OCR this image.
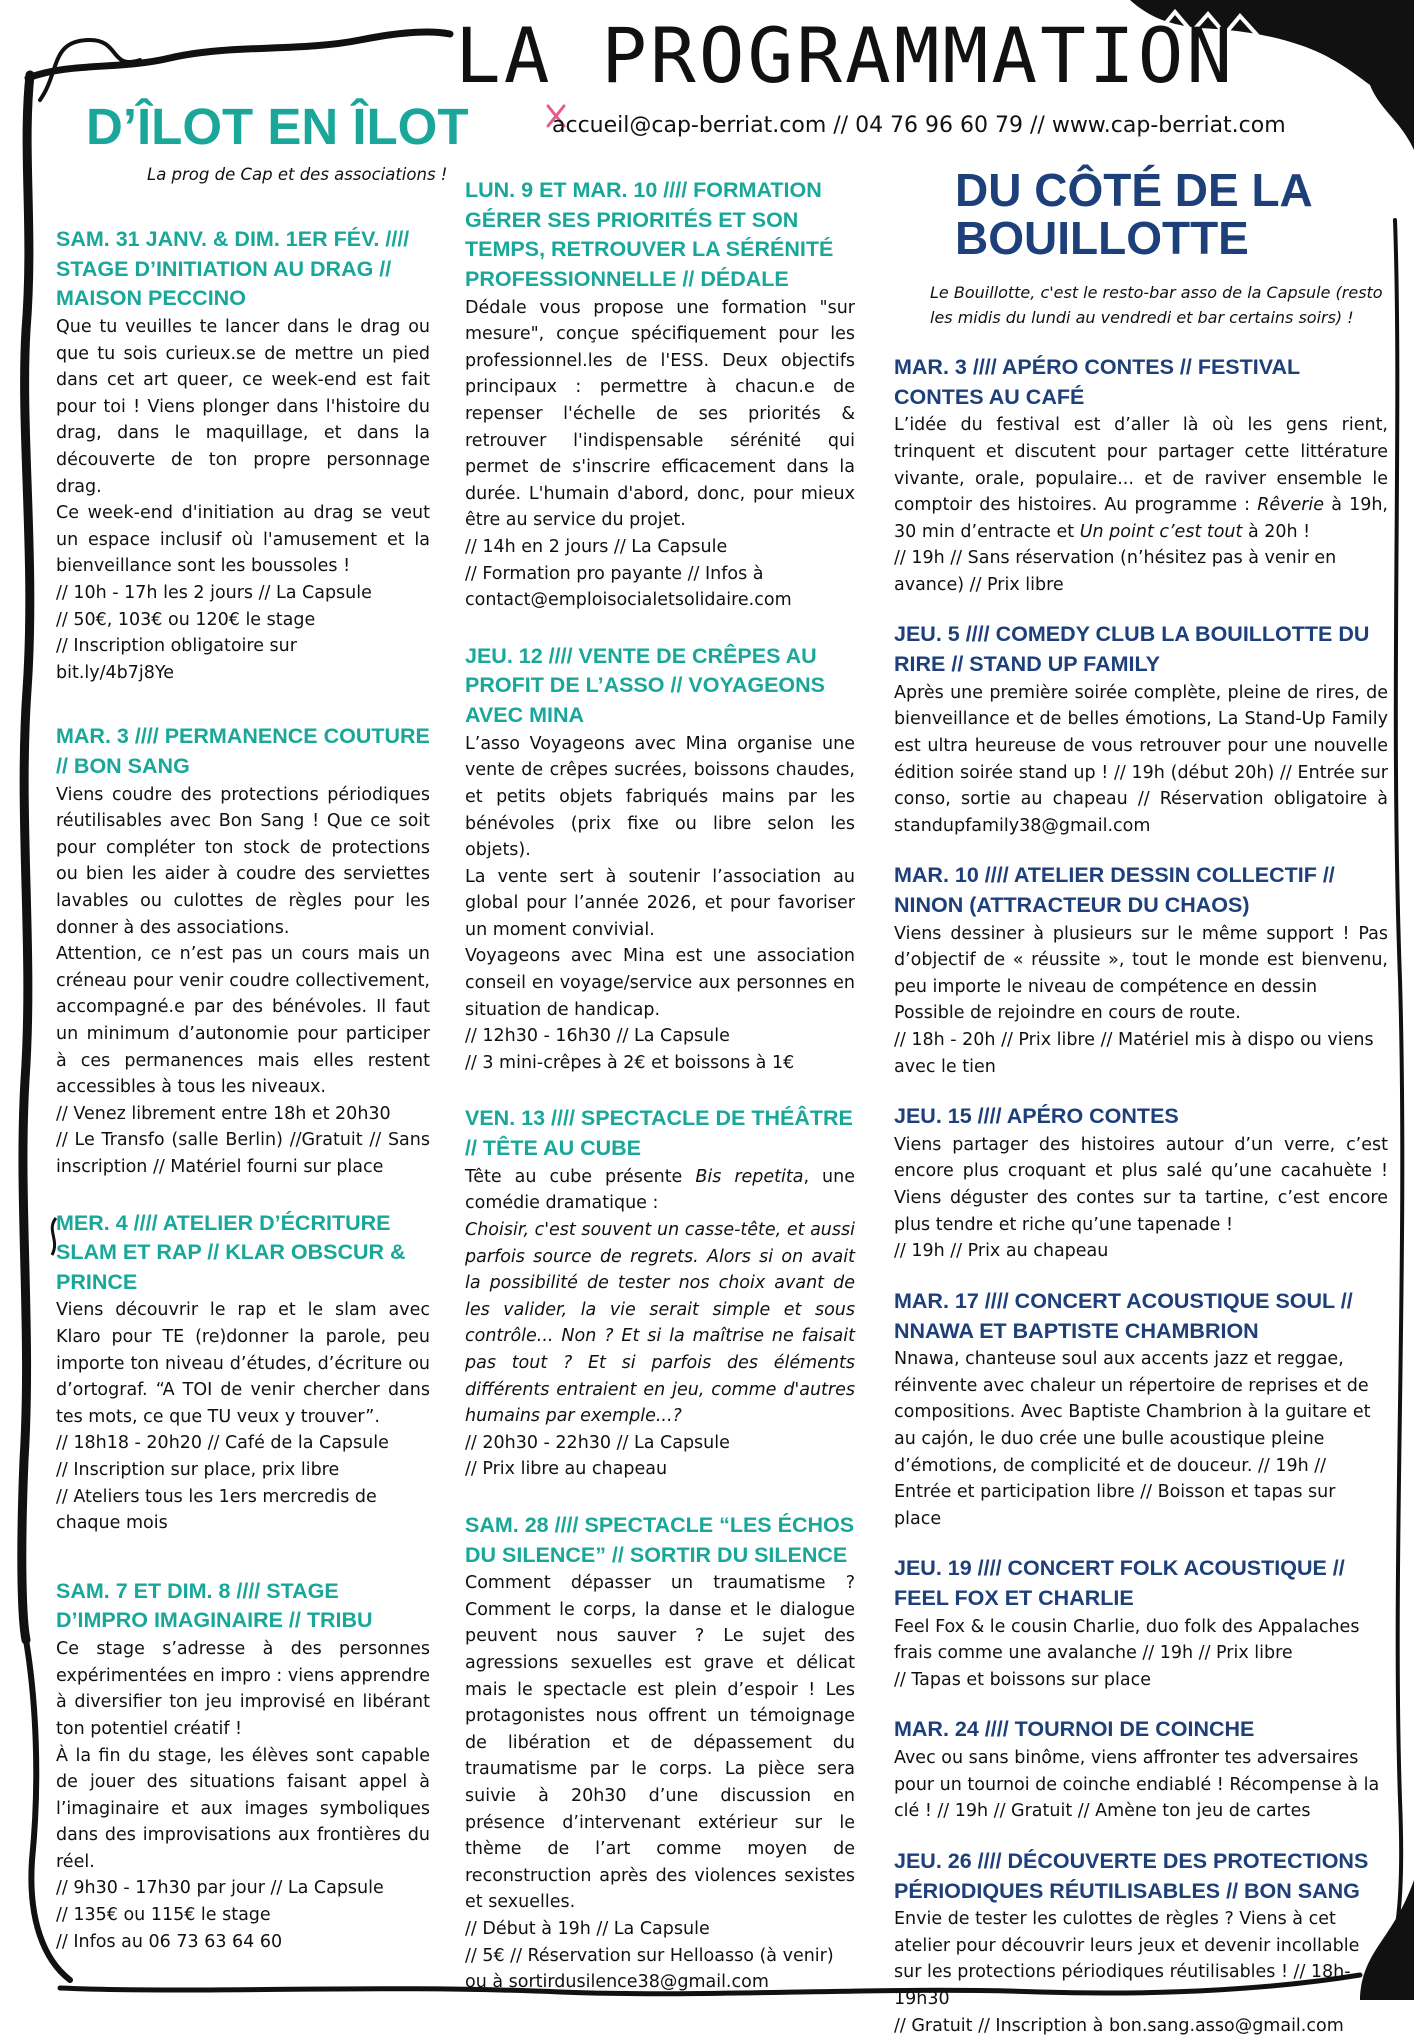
LA PROGRAMMATION
accueil@cap-berriat.com // 04 76 96 60 79 // www.cap-berriat.com
D’ÎLOT EN ÎLOT
La prog de Cap et des associations !	DU CÔTÉ DE LA
BOUILLOTTE
Le Bouillotte, c'est le resto-bar asso de la Capsule (resto les midis du lundi au vendredi et bar certains soirs) !
SAM. 31 JANV. & DIM. 1ER FÉV. //// STAGE D’INITIATION AU DRAG // MAISON PECCINO

Que tu veuilles te lancer dans le drag ou que tu sois curieux.se de mettre un pied dans cet art queer, ce week-end est fait pour toi ! Viens plonger dans l'histoire du drag, dans le maquillage, et dans la découverte de ton propre personnage drag.

Ce week-end d'initiation au drag se veut un espace inclusif où l'amusement et la bienveillance sont les boussoles !

// 10h - 17h les 2 jours // La Capsule

// 50€, 103€ ou 120€ le stage

// Inscription obligatoire sur

bit.ly/4b7j8Ye

MAR. 3 //// PERMANENCE COUTURE // BON SANG

Viens coudre des protections périodiques réutilisables avec Bon Sang ! Que ce soit pour compléter ton stock de protections ou bien les aider à coudre des serviettes lavables ou culottes de règles pour les donner à des associations.

Attention, ce n’est pas un cours mais un créneau pour venir coudre collectivement, accompagné.e par des bénévoles. Il faut un minimum d’autonomie pour participer à ces permanences mais elles restent accessibles à tous les niveaux.

// Venez librement entre 18h et 20h30

// Le Transfo (salle Berlin) //Gratuit // Sans inscription // Matériel fourni sur place

MER. 4 //// ATELIER D’ÉCRITURE SLAM ET RAP // KLAR OBSCUR & PRINCE

Viens découvrir le rap et le slam avec Klaro pour TE (re)donner la parole, peu importe ton niveau d’études, d’écriture ou d’ortograf. “A TOI de venir chercher dans tes mots, ce que TU veux y trouver”.

// 18h18 - 20h20 // Café de la Capsule

// Inscription sur place, prix libre

// Ateliers tous les 1ers mercredis de chaque mois

SAM. 7 ET DIM. 8 //// STAGE D’IMPRO IMAGINAIRE // TRIBU

Ce stage s’adresse à des personnes expérimentées en impro : viens apprendre à diversifier ton jeu improvisé en libérant ton potentiel créatif !

À la fin du stage, les élèves sont capable de jouer des situations faisant appel à l’imaginaire et aux images symboliques dans des improvisations aux frontières du réel.

// 9h30 - 17h30 par jour // La Capsule

// 135€ ou 115€ le stage

// Infos au 06 73 63 64 60

LUN. 9 ET MAR. 10 //// FORMATION GÉRER SES PRIORITÉS ET SON TEMPS, RETROUVER LA SÉRÉNITÉ PROFESSIONNELLE // DÉDALE

Dédale vous propose une formation "sur mesure", conçue spécifiquement pour les professionnel.les de l'ESS. Deux objectifs principaux : permettre à chacun.e de repenser l'échelle de ses priorités & retrouver l'indispensable sérénité qui permet de s'inscrire efficacement dans la durée. L'humain d'abord, donc, pour mieux être au service du projet.

// 14h en 2 jours // La Capsule

// Formation pro payante // Infos à contact@emploisocialetsolidaire.com

JEU. 12 //// VENTE DE CRÊPES AU PROFIT DE L’ASSO // VOYAGEONS AVEC MINA

L’asso Voyageons avec Mina organise une vente de crêpes sucrées, boissons chaudes, et petits objets fabriqués mains par les bénévoles (prix fixe ou libre selon les objets).

La vente sert à soutenir l’association au global pour l’année 2026, et pour favoriser un moment convivial.

Voyageons avec Mina est une association conseil en voyage/service aux personnes en situation de handicap.

// 12h30 - 16h30 // La Capsule

// 3 mini-crêpes à 2€ et boissons à 1€

VEN. 13 //// SPECTACLE DE THÉÂTRE // TÊTE AU CUBE

Tête au cube présente Bis repetita, une comédie dramatique :

Choisir, c'est souvent un casse-tête, et aussi parfois source de regrets. Alors si on avait la possibilité de tester nos choix avant de les valider, la vie serait simple et sous contrôle... Non ? Et si la maîtrise ne faisait pas tout ? Et si parfois des éléments différents entraient en jeu, comme d'autres humains par exemple...?

// 20h30 - 22h30 // La Capsule

// Prix libre au chapeau

SAM. 28 //// SPECTACLE “LES ÉCHOS DU SILENCE” // SORTIR DU SILENCE

Comment dépasser un traumatisme ? Comment le corps, la danse et le dialogue peuvent nous sauver ? Le sujet des agressions sexuelles est grave et délicat mais le spectacle est plein d’espoir ! Les protagonistes nous offrent un témoignage de libération et de dépassement du traumatisme par le corps. La pièce sera suivie à 20h30 d’une discussion en présence d’intervenant extérieur sur le thème de l’art comme moyen de reconstruction après des violences sexistes et sexuelles.

// Début à 19h // La Capsule

// 5€ // Réservation sur Helloasso (à venir) ou à sortirdusilence38@gmail.com

MAR. 3 //// APÉRO CONTES // FESTIVAL CONTES AU CAFÉ

L’idée du festival est d’aller là où les gens rient, trinquent et discutent pour partager cette littérature vivante, orale, populaire... et de raviver ensemble le comptoir des histoires. Au programme : Rêverie à 19h, 30 min d’entracte et Un point c’est tout à 20h !

// 19h // Sans réservation (n’hésitez pas à venir en avance) // Prix libre

JEU. 5 //// COMEDY CLUB LA BOUILLOTTE DU RIRE // STAND UP FAMILY

Après une première soirée complète, pleine de rires, de bienveillance et de belles émotions, La Stand-Up Family est ultra heureuse de vous retrouver pour une nouvelle édition soirée stand up ! // 19h (début 20h) // Entrée sur conso, sortie au chapeau // Réservation obligatoire à standupfamily38@gmail.com

MAR. 10 //// ATELIER DESSIN COLLECTIF // NINON (ATTRACTEUR DU CHAOS)

Viens dessiner à plusieurs sur le même support ! Pas d’objectif de « réussite », tout le monde est bienvenu, peu importe le niveau de compétence en dessin

Possible de rejoindre en cours de route.

// 18h - 20h // Prix libre // Matériel mis à dispo ou viens avec le tien

JEU. 15 //// APÉRO CONTES

Viens partager des histoires autour d’un verre, c’est encore plus croquant et plus salé qu’une cacahuète ! Viens déguster des contes sur ta tartine, c’est encore plus tendre et riche qu’une tapenade !

// 19h // Prix au chapeau

MAR. 17 //// CONCERT ACOUSTIQUE SOUL // NNAWA ET BAPTISTE CHAMBRION

Nnawa, chanteuse soul aux accents jazz et reggae, réinvente avec chaleur un répertoire de reprises et de compositions. Avec Baptiste Chambrion à la guitare et au cajón, le duo crée une bulle acoustique pleine d’émotions, de complicité et de douceur. // 19h // Entrée et participation libre // Boisson et tapas sur place

JEU. 19 //// CONCERT FOLK ACOUSTIQUE // FEEL FOX ET CHARLIE

Feel Fox & le cousin Charlie, duo folk des Appalaches frais comme une avalanche // 19h // Prix libre

// Tapas et boissons sur place

MAR. 24 //// TOURNOI DE COINCHE

Avec ou sans binôme, viens affronter tes adversaires pour un tournoi de coinche endiablé ! Récompense à la clé ! // 19h // Gratuit // Amène ton jeu de cartes

JEU. 26 //// DÉCOUVERTE DES PROTECTIONS PÉRIODIQUES RÉUTILISABLES // BON SANG

Envie de tester les culottes de règles ? Viens à cet atelier pour découvrir leurs jeux et devenir incollable sur les protections périodiques réutilisables ! // 18h-19h30

// Gratuit // Inscription à bon.sang.asso@gmail.com
